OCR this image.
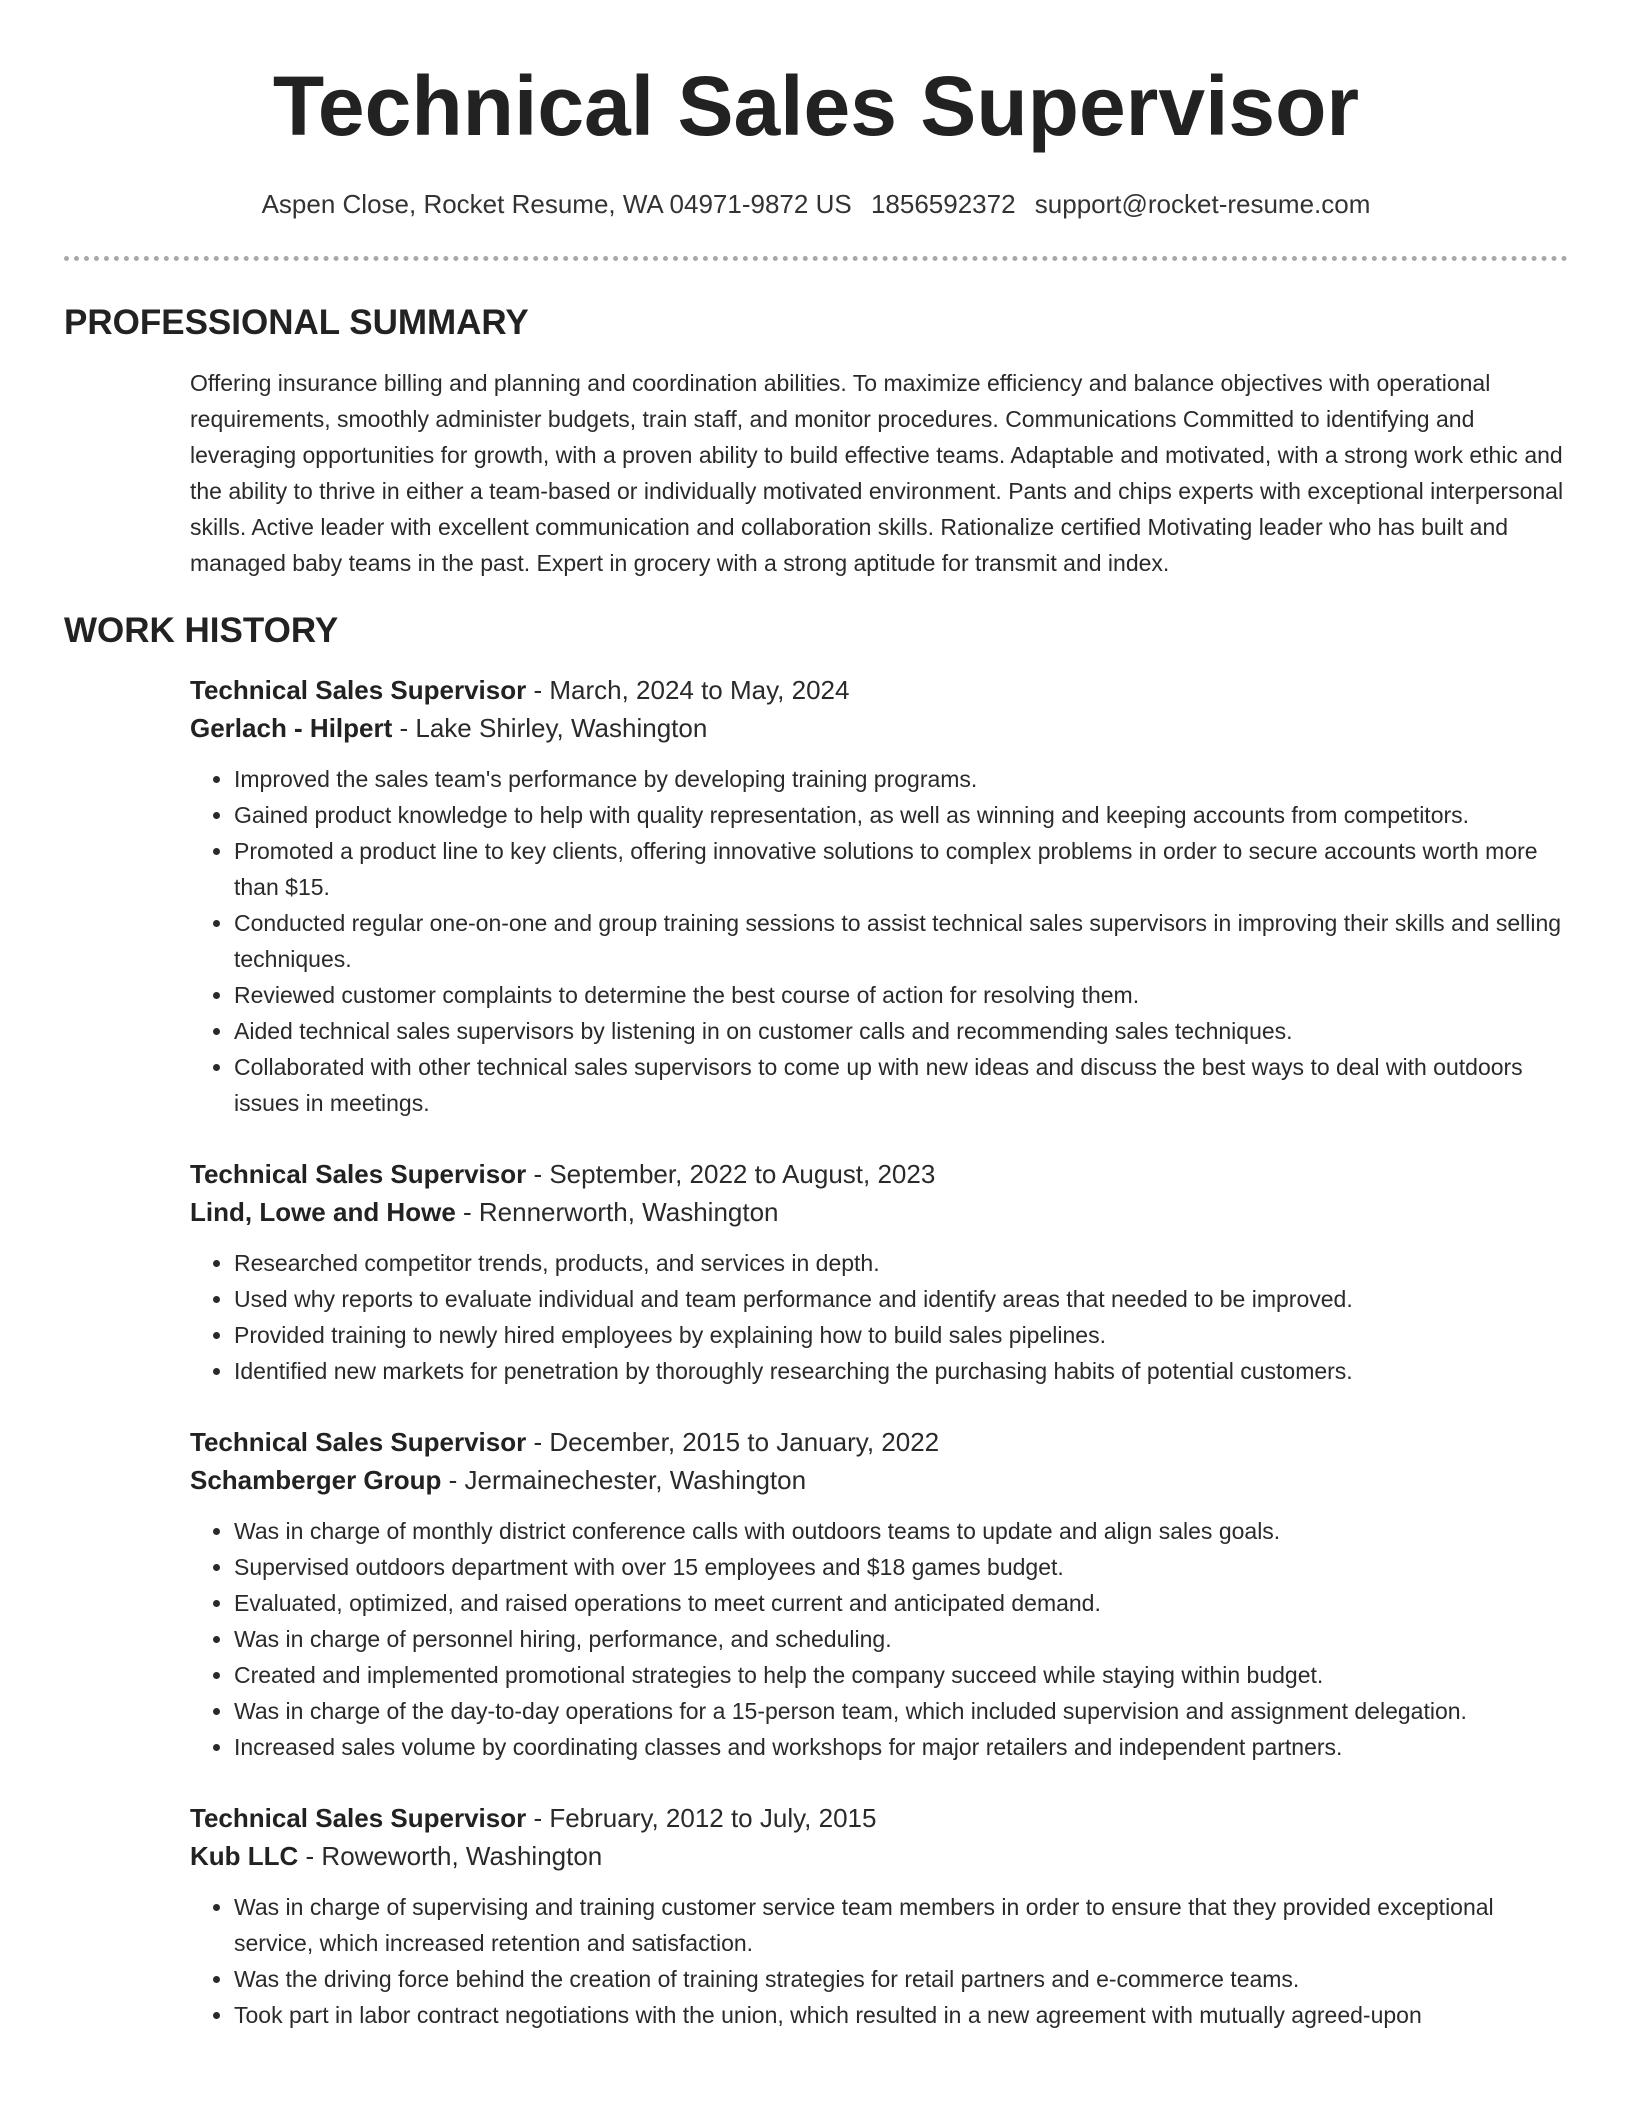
Technical Sales Supervisor
Aspen Close, Rocket Resume, WA 04971-9872 US 1856592372 support@rocket-resume.com
PROFESSIONAL SUMMARY
Offering insurance billing and planning and coordination abilities. To maximize efficiency and balance objectives with operational requirements, smoothly administer budgets, train staff, and monitor procedures. Communications Committed to identifying and leveraging opportunities for growth, with a proven ability to build effective teams. Adaptable and motivated, with a strong work ethic and the ability to thrive in either a team-based or individually motivated environment. Pants and chips experts with exceptional interpersonal skills. Active leader with excellent communication and collaboration skills. Rationalize certified Motivating leader who has built and managed baby teams in the past. Expert in grocery with a strong aptitude for transmit and index.
WORK HISTORY
Technical Sales Supervisor - March, 2024 to May, 2024
Gerlach - Hilpert - Lake Shirley, Washington
• Improved the sales team's performance by developing training programs.
• Gained product knowledge to help with quality representation, as well as winning and keeping accounts from competitors.
• Promoted a product line to key clients, offering innovative solutions to complex problems in order to secure accounts worth more than $15.
• Conducted regular one-on-one and group training sessions to assist technical sales supervisors in improving their skills and selling techniques.
• Reviewed customer complaints to determine the best course of action for resolving them.
• Aided technical sales supervisors by listening in on customer calls and recommending sales techniques.
• Collaborated with other technical sales supervisors to come up with new ideas and discuss the best ways to deal with outdoors issues in meetings.
Technical Sales Supervisor - September, 2022 to August, 2023
Lind, Lowe and Howe - Rennerworth, Washington
• Researched competitor trends, products, and services in depth.
• Used why reports to evaluate individual and team performance and identify areas that needed to be improved.
• Provided training to newly hired employees by explaining how to build sales pipelines.
• Identified new markets for penetration by thoroughly researching the purchasing habits of potential customers.
Technical Sales Supervisor - December, 2015 to January, 2022
Schamberger Group - Jermainechester, Washington
• Was in charge of monthly district conference calls with outdoors teams to update and align sales goals.
• Supervised outdoors department with over 15 employees and $18 games budget.
• Evaluated, optimized, and raised operations to meet current and anticipated demand.
• Was in charge of personnel hiring, performance, and scheduling.
• Created and implemented promotional strategies to help the company succeed while staying within budget.
• Was in charge of the day-to-day operations for a 15-person team, which included supervision and assignment delegation.
• Increased sales volume by coordinating classes and workshops for major retailers and independent partners.
Technical Sales Supervisor - February, 2012 to July, 2015
Kub LLC - Roweworth, Washington
• Was in charge of supervising and training customer service team members in order to ensure that they provided exceptional service, which increased retention and satisfaction.
• Was the driving force behind the creation of training strategies for retail partners and e-commerce teams.
• Took part in labor contract negotiations with the union, which resulted in a new agreement with mutually agreed-upon
